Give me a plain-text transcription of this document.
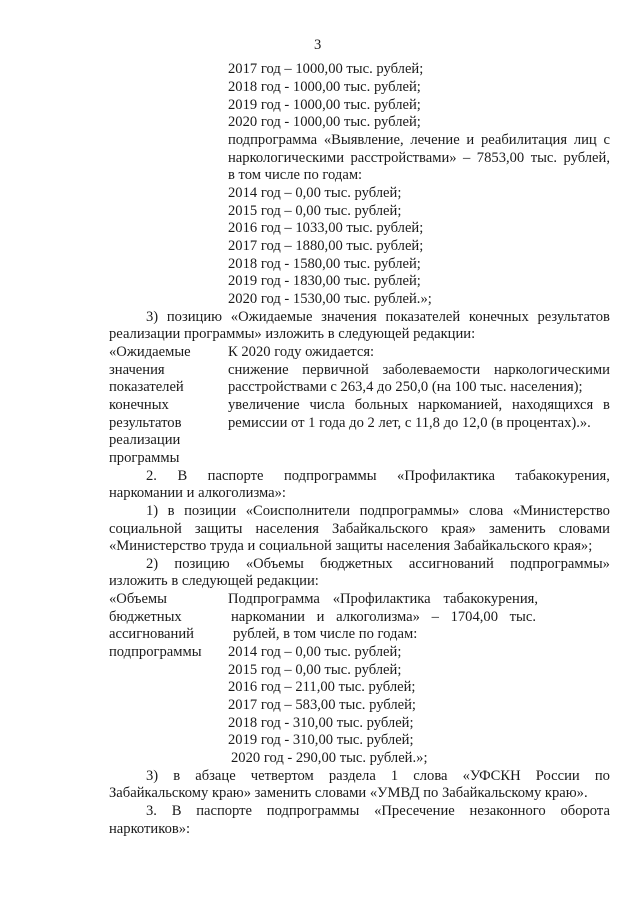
3
2017 год – 1000,00 тыс. рублей;
2018 год - 1000,00 тыс. рублей;
2019 год - 1000,00 тыс. рублей;
2020 год - 1000,00 тыс. рублей;
подпрограмма «Выявление, лечение и реабилитация лиц с
наркологическими расстройствами» – 7853,00 тыс. рублей,
в том числе по годам:
2014 год – 0,00 тыс. рублей;
2015 год – 0,00 тыс. рублей;
2016 год – 1033,00 тыс. рублей;
2017 год – 1880,00 тыс. рублей;
2018 год - 1580,00 тыс. рублей;
2019 год - 1830,00 тыс. рублей;
2020 год - 1530,00 тыс. рублей.»;
3) позицию «Ожидаемые значения показателей конечных результатов
реализации программы» изложить в следующей редакции:
«Ожидаемые
значения
показателей
конечных
результатов
реализации
программы
К 2020 году ожидается:
снижение первичной заболеваемости наркологическими
расстройствами с 263,4 до 250,0 (на 100 тыс. населения);
увеличение числа больных наркоманией, находящихся в
ремиссии от 1 года до 2 лет, с 11,8 до 12,0 (в процентах).».
2. В паспорте подпрограммы «Профилактика табакокурения,
наркомании и алкоголизма»:
1) в позиции «Соисполнители подпрограммы» слова «Министерство
социальной защиты населения Забайкальского края» заменить словами
«Министерство труда и социальной защиты населения Забайкальского края»;
2) позицию «Объемы бюджетных ассигнований подпрограммы»
изложить в следующей редакции:
«Объемы
бюджетных
ассигнований
подпрограммы
Подпрограмма «Профилактика табакокурения,
наркомании и алкоголизма» – 1704,00 тыс.
рублей, в том числе по годам:
2014 год – 0,00 тыс. рублей;
2015 год – 0,00 тыс. рублей;
2016 год – 211,00 тыс. рублей;
2017 год – 583,00 тыс. рублей;
2018 год - 310,00 тыс. рублей;
2019 год - 310,00 тыс. рублей;
2020 год - 290,00 тыс. рублей.»;
3) в абзаце четвертом раздела 1 слова «УФСКН России по
Забайкальскому краю» заменить словами «УМВД по Забайкальскому краю».
3. В паспорте подпрограммы «Пресечение незаконного оборота
наркотиков»:
